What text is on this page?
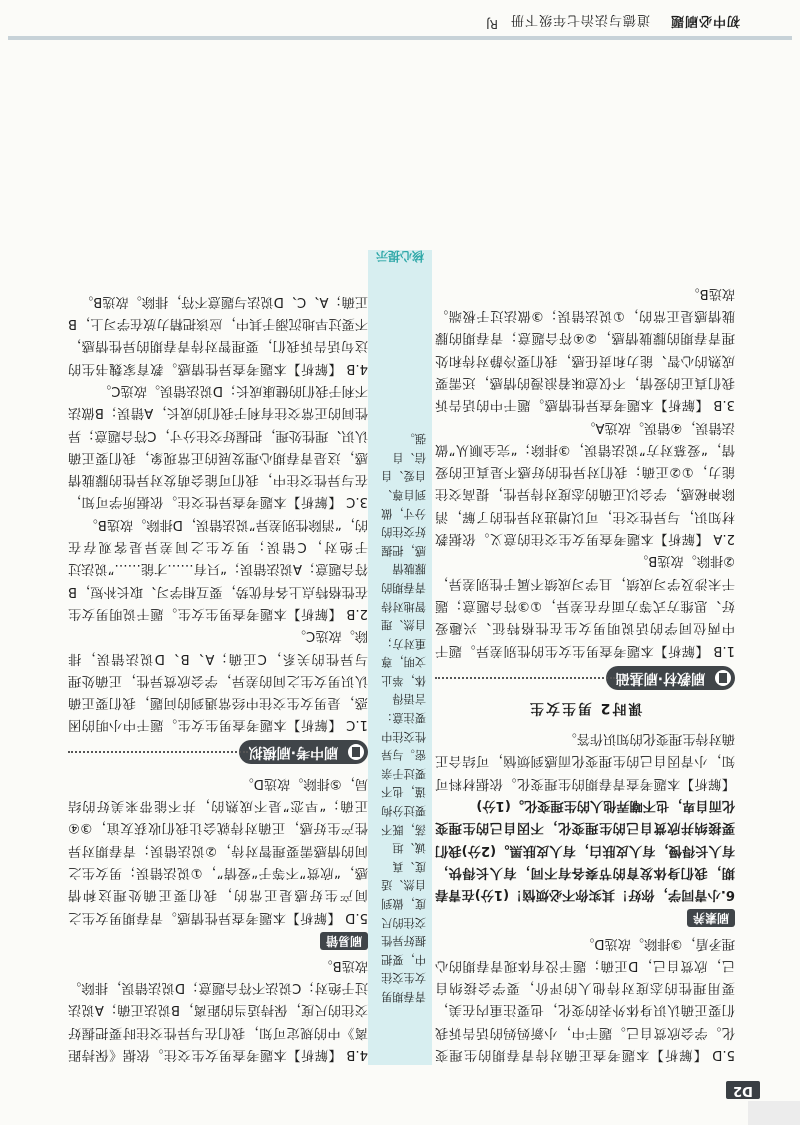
D2

5.D 【解析】本题考查正确对待青春期的生理变化。学会欣赏自己。题干中，小新妈妈的话告诉我们要正确认识身体外表的变化，也要注重内在美，要用理性的态度对待他人的评价，要学会接纳自己，欣赏自己，D正确；题干没有体现青春期的心理矛盾，③排除。故选D。

刷素养

6.小青同学，你好！其实你不必烦恼！(1分)在青春期，我们身体发育的节奏各有不同，有人长得快，有人长得慢，有人皮肤白，有人皮肤黑。(2分)我们要接纳并欣赏自己的生理变化，不因自己的生理变化而自卑，也不嘲弄他人的生理变化。(1分)

【解析】本题考查青春期的生理变化。依据材料可知，小青因自己的生理变化而感到烦恼，可结合正确对待生理变化的知识作答。

课时2 男生女生
刷教材·刷基础

1.B 【解析】本题考查男生女生的性别差异。题干中两位同学的话说明男女生在性格特征、兴趣爱好、思维方式等方面存在差异，①③符合题意；题干未涉及学习成绩，且学习成绩不属于性别差异，②排除。故选B。

2.A 【解析】本题考查男女生交往的意义。依据教材知识，与异性交往，可以增进对异性的了解，消除神秘感，学会以正确的态度对待异性，提高交往能力，①②正确；我们对异性的好感不是真正的爱情，“爱慕对方”说法错误，③排除；“完全顺从”做法错误，④错误。故选A。

3.B 【解析】本题考查异性情感。题干中的话告诉我们真正的爱情，不仅意味着浪漫的情感，还需要成熟的心智、能力和责任感，我们要冷静对待和处理青春期的朦胧情感，②④符合题意；青春期的朦胧情感是正常的，①说法错误；③做法过于极端。故选B。

核心提示
青春期男女生交往中，要把握好异性交往的尺度，做到自然、适度、真诚、坦荡，既不要过分拘谨，也不要过于亲密。与异性交往中要注意：言语得体，举止文明，尊重对方；自然、理智地对待青春期的朦胧情感，把握好交往的分寸，做到自尊、自爱、自信、自强。

4.B 【解析】本题考查男女生交往。依据《保持距离》中的规定可知，我们在与异性交往时要把握好交往的尺度，保持适当的距离，B说法正确；A说法过于绝对；C说法不符合题意；D说法错误，排除。故选B。

刷易错

5.D 【解析】本题考查异性情感。青春期男女生之间产生好感是正常的，我们要正确处理这种情感，“欣赏”不等于“爱情”，①说法错误；男女生之间的情感需要理智对待，②说法错误；青春期对异性产生好感，正确对待就会让我们收获友谊，③④正确；“早恋”是不成熟的，并不能带来美好的结局，⑤排除。故选D。

刷中考·刷模拟

1.C 【解析】本题考查男生女生。题干中小明的困惑，是男女生交往中经常遇到的问题，我们要正确认识男女生之间的差异，学会欣赏异性，正确处理与异性的关系，C正确；A、B、D说法错误，排除。故选C。

2.B 【解析】本题考查男生女生。题干说明男女生在性格特点上各有优势，要互相学习、取长补短，B符合题意；A说法错误；“只有……才能……”说法过于绝对，C错误；男女生之间差异是客观存在的，“消除性别差异”说法错误，D排除。故选B。

3.C 【解析】本题考查异性交往。依据所学可知，在与异性交往中，我们可能会萌发对异性的朦胧情感，这是青春期心理发展的正常现象，我们要正确认识、理性处理，把握好交往分寸，C符合题意；异性间的正常交往有利于我们的成长，A错误；B做法不利于我们的健康成长；D说法错误。故选C。

4.B 【解析】本题考查异性情感。教育家魏书生的这句话告诉我们，要理智对待青春期的异性情感，不要过早地沉溺于其中，应该把精力放在学习上，B正确；A、C、D说法与题意不符，排除。故选B。

初中必刷题
道德与法治七年级下册
RJ
